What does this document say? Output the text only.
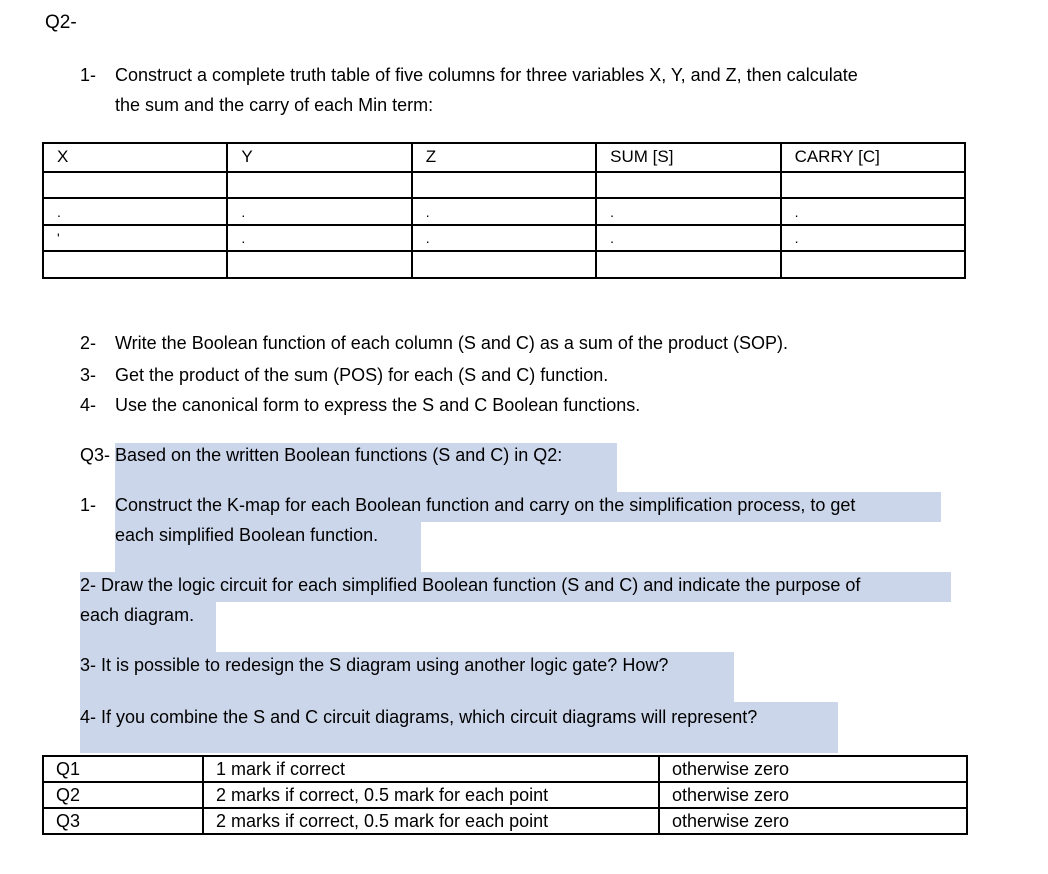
Q2-
1- Construct a complete truth table of five columns for three variables X, Y, and Z, then calculate
the sum and the carry of each Min term:
X	Y	Z	SUM [S]	CARRY [C]

.	.	.	.	.
'	.	.	.	.

2- Write the Boolean function of each column (S and C) as a sum of the product (SOP).
3- Get the product of the sum (POS) for each (S and C) function.
4- Use the canonical form to express the S and C Boolean functions.
Q3- Based on the written Boolean functions (S and C) in Q2:
1- Construct the K-map for each Boolean function and carry on the simplification process, to get
each simplified Boolean function.
2- Draw the logic circuit for each simplified Boolean function (S and C) and indicate the purpose of
each diagram.
3- It is possible to redesign the S diagram using another logic gate? How?
4- If you combine the S and C circuit diagrams, which circuit diagrams will represent?
Q1	1 mark if correct	otherwise zero
Q2	2 marks if correct, 0.5 mark for each point	otherwise zero
Q3	2 marks if correct, 0.5 mark for each point	otherwise zero
